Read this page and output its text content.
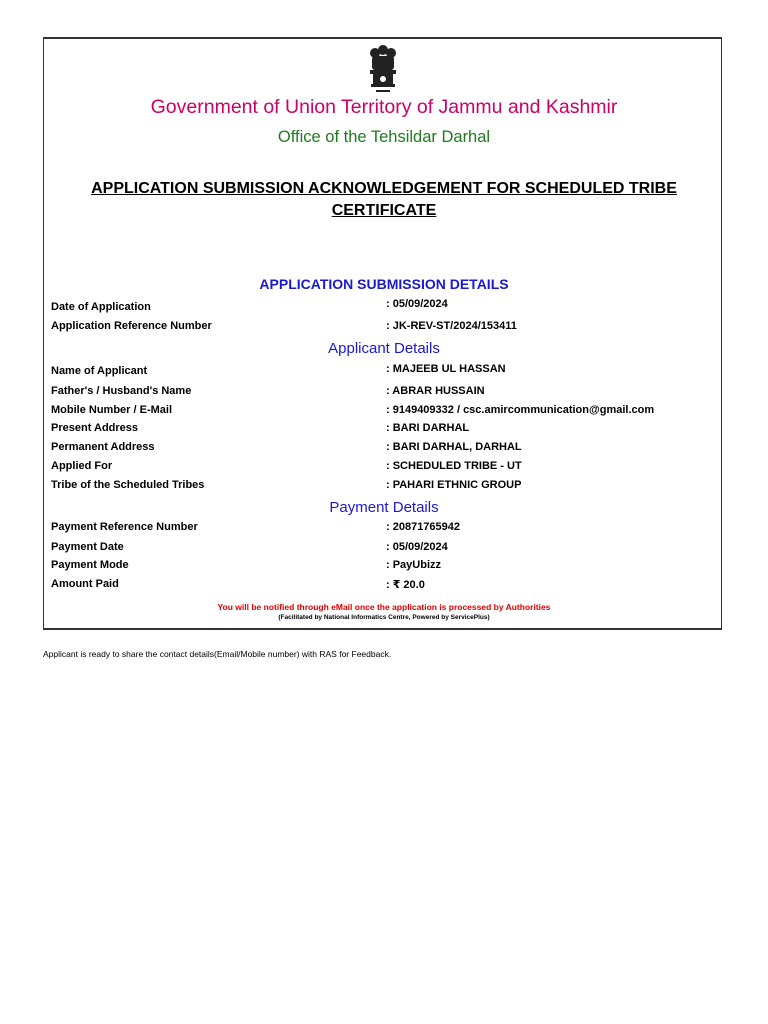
Government of Union Territory of Jammu and Kashmir
Office of the Tehsildar Darhal
APPLICATION SUBMISSION ACKNOWLEDGEMENT FOR SCHEDULED TRIBE CERTIFICATE
APPLICATION SUBMISSION DETAILS
Date of Application	: 05/09/2024
Application Reference Number	: JK-REV-ST/2024/153411
Applicant Details
Name of Applicant	: MAJEEB UL HASSAN
Father's / Husband's Name	: ABRAR HUSSAIN
Mobile Number / E-Mail	: 9149409332 / csc.amircommunication@gmail.com
Present Address	: BARI DARHAL
Permanent Address	: BARI DARHAL, DARHAL
Applied For	: SCHEDULED TRIBE - UT
Tribe of the Scheduled Tribes	: PAHARI ETHNIC GROUP
Payment Details
Payment Reference Number	: 20871765942
Payment Date	: 05/09/2024
Payment Mode	: PayUbizz
Amount Paid	: ₹ 20.0
You will be notified through eMail once the application is processed by Authorities
(Facilitated by National Informatics Centre, Powered by ServicePlus)
Applicant is ready to share the contact details(Email/Mobile number) with RAS for Feedback.
